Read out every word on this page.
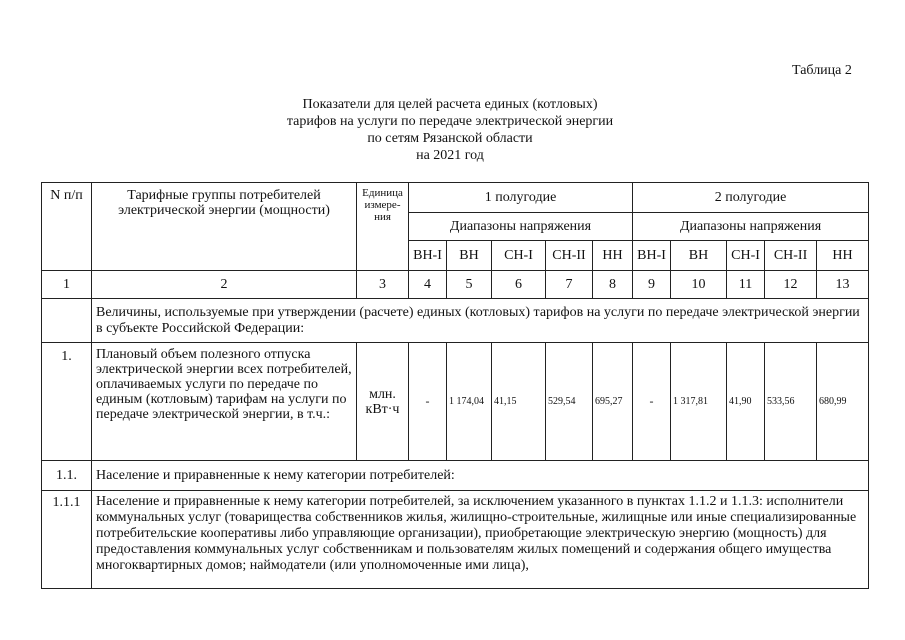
Таблица 2
Показатели для целей расчета единых (котловых)
тарифов на услуги по передаче электрической энергии
по сетям Рязанской области
на 2021 год
N п/п	Тарифные группы потребителей электрической энергии (мощности)	Единица измере-ния	1 полугодие					2 полугодие				
			Диапазоны напряжения					Диапазоны напряжения				
			ВН-I	ВН	СН-I	СН-II	НН	ВН-I	ВН	СН-I	СН-II	НН
1	2	3	4	5	6	7	8	9	10	11	12	13
	Величины, используемые при утверждении (расчете) единых (котловых) тарифов на услуги по передаче электрической энергии в субъекте Российской Федерации:											
1.	Плановый объем полезного отпуска электрической энергии всех потребителей, оплачиваемых услуги по передаче по единым (котловым) тарифам на услуги по передаче электрической энергии, в т.ч.:	млн. кВт·ч	-	1 174,04	41,15	529,54	695,27	-	1 317,81	41,90	533,56	680,99
1.1.	Население и приравненные к нему категории потребителей:											
1.1.1	Население и приравненные к нему категории потребителей, за исключением указанного в пунктах 1.1.2 и 1.1.3: исполнители коммунальных услуг (товарищества собственников жилья, жилищно-строительные, жилищные или иные специализированные потребительские кооперативы либо управляющие организации), приобретающие электрическую энергию (мощность) для предоставления коммунальных услуг собственникам и пользователям жилых помещений и содержания общего имущества многоквартирных домов; наймодатели (или уполномоченные ими лица),											
